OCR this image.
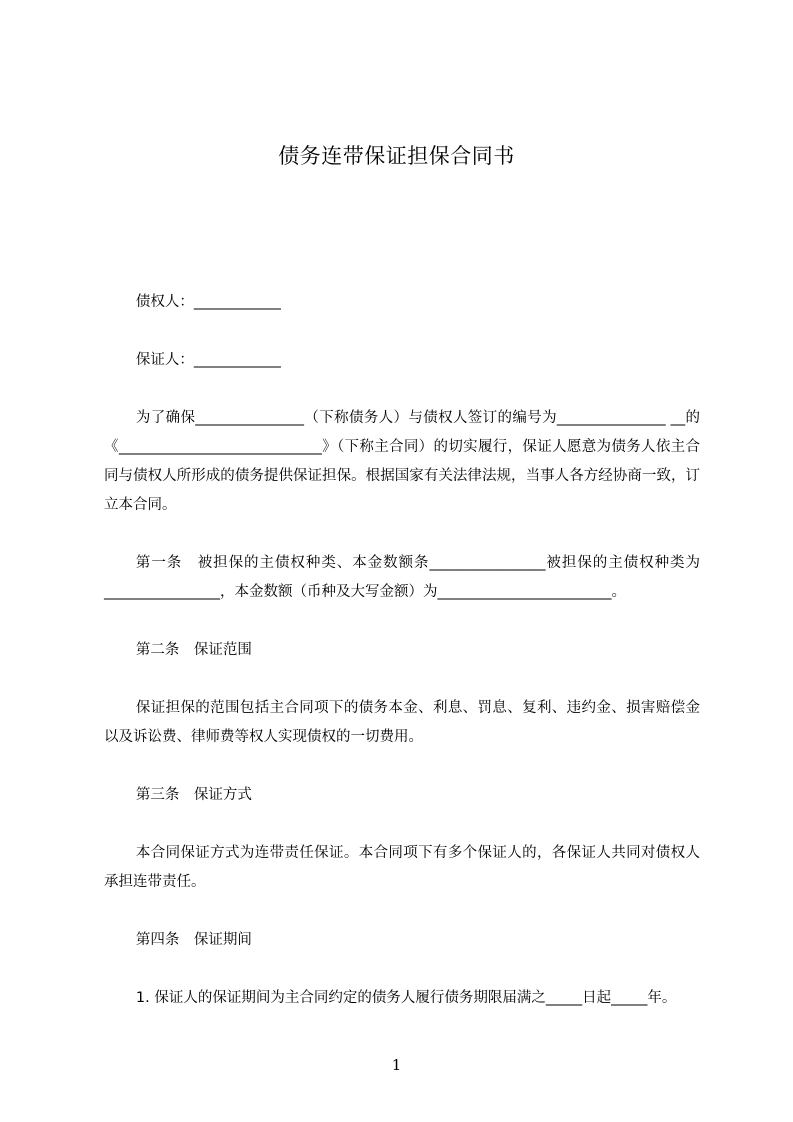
债务连带保证担保合同书

债权人：____________

保证人：____________

为了确保_______________（下称债务人）与债权人签订的编号为_______________ __的《____________________________》（下称主合同）的切实履行，保证人愿意为债务人依主合同与债权人所形成的债务提供保证担保。根据国家有关法律法规，当事人各方经协商一致，订立本合同。

第一条　被担保的主债权种类、本金数额条________________被担保的主债权种类为________________，本金数额（币种及大写金额）为________________________。

第二条　保证范围

保证担保的范围包括主合同项下的债务本金、利息、罚息、复利、违约金、损害赔偿金以及诉讼费、律师费等权人实现债权的一切费用。

第三条　保证方式

本合同保证方式为连带责任保证。本合同项下有多个保证人的，各保证人共同对债权人承担连带责任。

第四条　保证期间

1. 保证人的保证期间为主合同约定的债务人履行债务期限届满之_____日起_____年。

1
